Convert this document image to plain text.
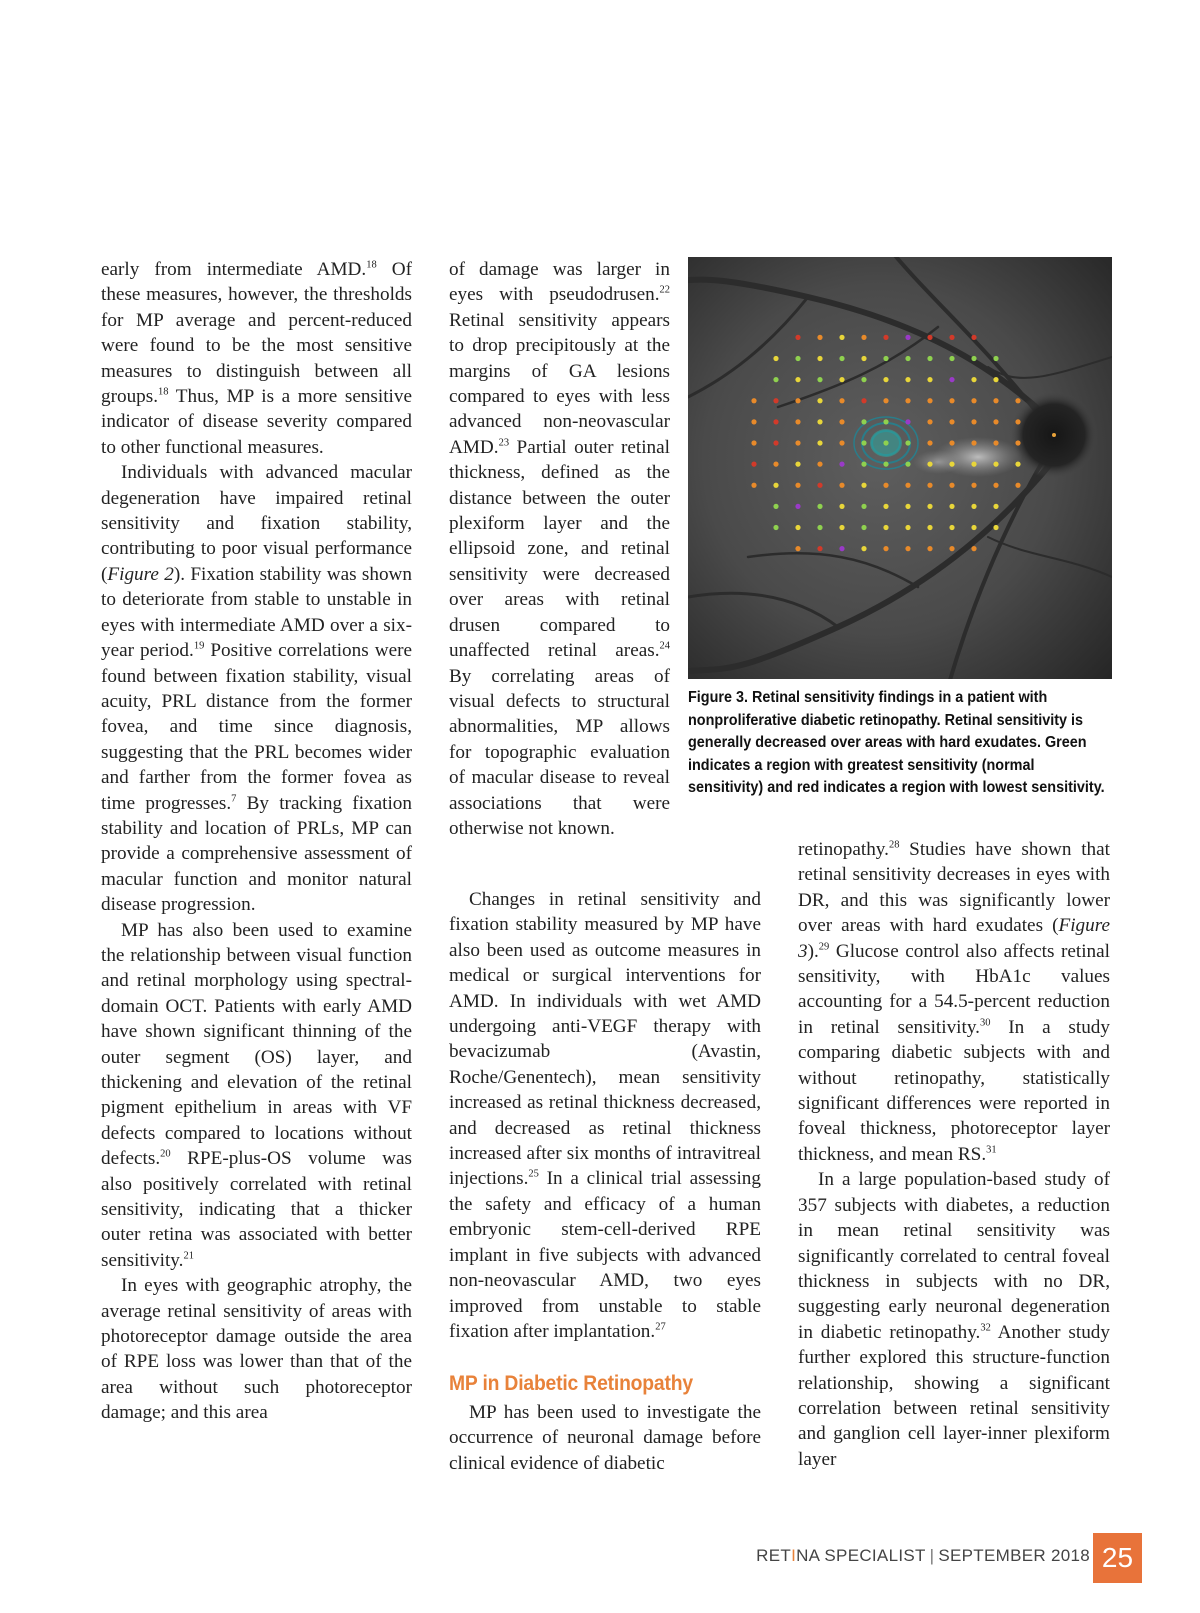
early from intermediate AMD.$^{18}$ Of these measures, however, the thresholds for MP average and percent-reduced were found to be the most sensitive measures to distinguish between all groups.$^{18}$ Thus, MP is a more sensitive indicator of disease severity compared to other functional measures.

Individuals with advanced macular degeneration have impaired retinal sensitivity and fixation stability, contributing to poor visual performance (Figure 2). Fixation stability was shown to deteriorate from stable to unstable in eyes with intermediate AMD over a six-year period.$^{19}$ Positive correlations were found between fixation stability, visual acuity, PRL distance from the former fovea, and time since diagnosis, suggesting that the PRL becomes wider and farther from the former fovea as time progresses.$^7$ By tracking fixation stability and location of PRLs, MP can provide a comprehensive assessment of macular function and monitor natural disease progression.

MP has also been used to examine the relationship between visual function and retinal morphology using spectral-domain OCT. Patients with early AMD have shown significant thinning of the outer segment (OS) layer, and thickening and elevation of the retinal pigment epithelium in areas with VF defects compared to locations without defects.$^{20}$ RPE-plus-OS volume was also positively correlated with retinal sensitivity, indicating that a thicker outer retina was associated with better sensitivity.$^{21}$

In eyes with geographic atrophy, the average retinal sensitivity of areas with photoreceptor damage outside the area of RPE loss was lower than that of the area without such photoreceptor damage; and this area

of damage was larger in eyes with pseudodrusen.$^{22}$ Retinal sensitivity appears to drop precipitously at the margins of GA lesions compared to eyes with less advanced non-neovascular AMD.$^{23}$ Partial outer retinal thickness, defined as the distance between the outer plexiform layer and the ellipsoid zone, and retinal sensitivity were decreased over areas with retinal drusen compared to unaffected retinal areas.$^{24}$ By correlating areas of visual defects to structural abnormalities, MP allows for topographic evaluation of macular disease to reveal associations that were otherwise not known.

Changes in retinal sensitivity and fixation stability measured by MP have also been used as outcome measures in medical or surgical interventions for AMD. In individuals with wet AMD undergoing anti-VEGF therapy with bevacizumab (Avastin, Roche/Genentech), mean sensitivity increased as retinal thickness decreased, and decreased as retinal thickness increased after six months of intravitreal injections.$^{25}$ In a clinical trial assessing the safety and efficacy of a human embryonic stem-cell-derived RPE implant in five subjects with advanced non-neovascular AMD, two eyes improved from unstable to stable fixation after implantation.$^{27}$

MP in Diabetic Retinopathy

MP has been used to investigate the occurrence of neuronal damage before clinical evidence of diabetic

retinopathy.$^{28}$ Studies have shown that retinal sensitivity decreases in eyes with DR, and this was significantly lower over areas with hard exudates (Figure 3).$^{29}$ Glucose control also affects retinal sensitivity, with HbA1c values accounting for a 54.5-percent reduction in retinal sensitivity.$^{30}$ In a study comparing diabetic subjects with and without retinopathy, statistically significant differences were reported in foveal thickness, photoreceptor layer thickness, and mean RS.$^{31}$

In a large population-based study of 357 subjects with diabetes, a reduction in mean retinal sensitivity was significantly correlated to central foveal thickness in subjects with no DR, suggesting early neuronal degeneration in diabetic retinopathy.$^{32}$ Another study further explored this structure-function relationship, showing a significant correlation between retinal sensitivity and ganglion cell layer-inner plexiform layer

Figure 3. Retinal sensitivity findings in a patient with nonproliferative diabetic retinopathy. Retinal sensitivity is generally decreased over areas with hard exudates. Green indicates a region with greatest sensitivity (normal sensitivity) and red indicates a region with lowest sensitivity.
RETINA SPECIALIST | SEPTEMBER 2018 25
